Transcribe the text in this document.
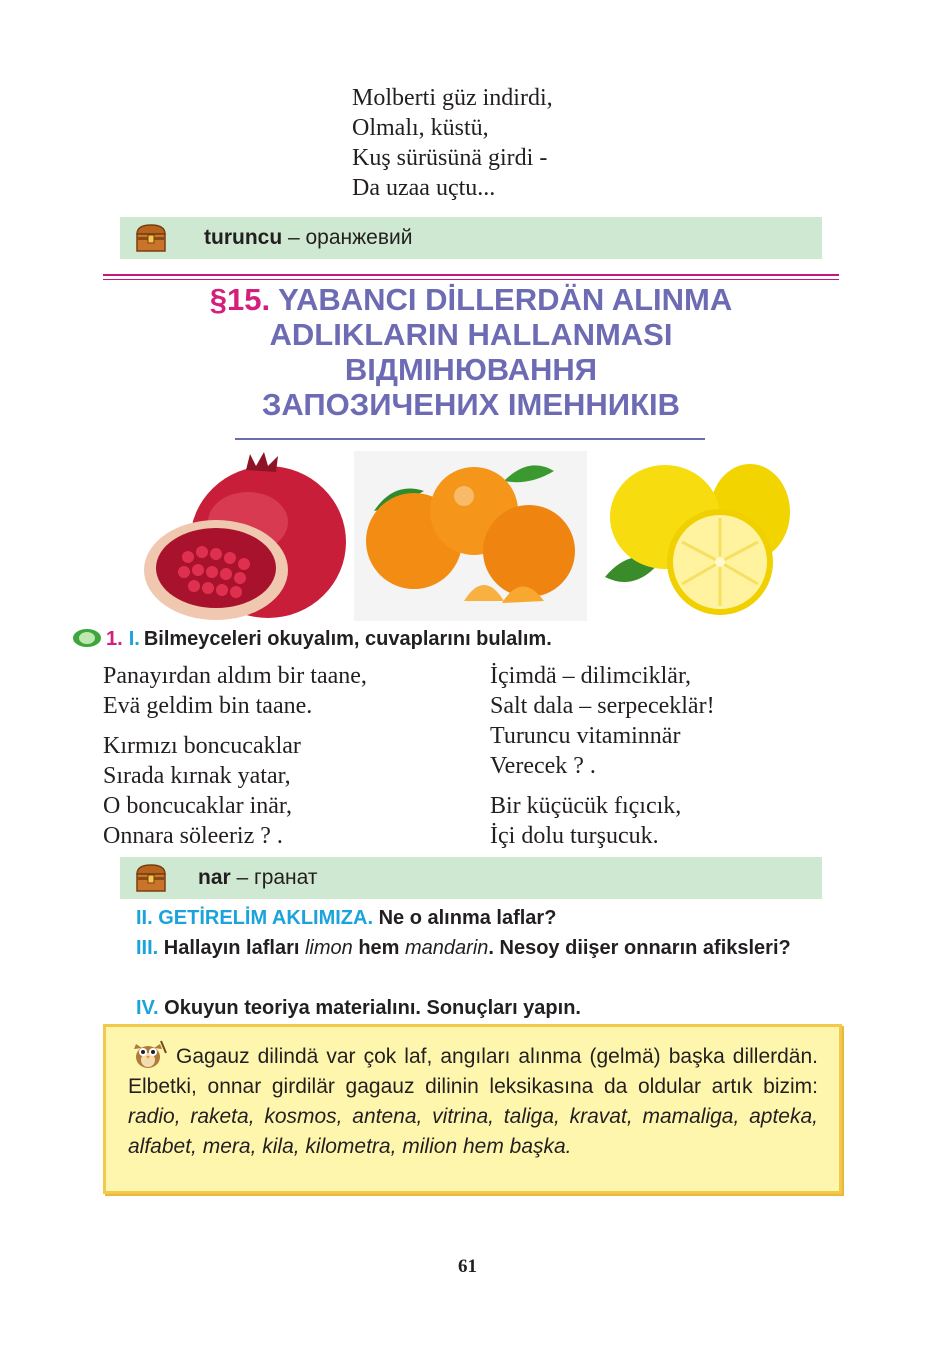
Molberti güz indirdi,
Olmalı, küstü,
Kuş sürüsünä girdi -
Da uzaa uçtu...
turuncu – оранжевий
§15. YABANCI DİLLERDÄN ALINMA
ADLIKLARIN HALLANMASI
ВІДМІНЮВАННЯ
ЗАПОЗИЧЕНИХ ІМЕННИКІВ
1. I. Bilmeyceleri okuyalım, cuvaplarını bulalım.
Panayırdan aldım bir taane,
Evä geldim bin taane.
Kırmızı boncucaklar
Sırada kırnak yatar,
O boncucaklar inär,
Onnara söleeriz ? .
İçimdä – dilimciklär,
Salt dala – serpeceklär!
Turuncu vitaminnär
Verecek ? .
Bir küçücük fıçıcık,
İçi dolu turşucuk.
nar – гранат
II. GETİRELİM AKLIMIZA. Ne o alınma laflar?
III. Hallayın lafları limon hem mandarin. Nesoy diişer onnarın afiksleri?
IV. Okuyun teoriya materialını. Sonuçları yapın.
Gagauz dilindä var çok laf, angıları alınma (gelmä) başka dillerdän. Elbetki, onnar girdilär gagauz dilinin leksikasına da oldular artık bizim: radio, raketa, kosmos, antena, vitrina, taliga, kravat, mamaliga, apteka, alfabet, mera, kila, kilometra, milion hem başka.
61
